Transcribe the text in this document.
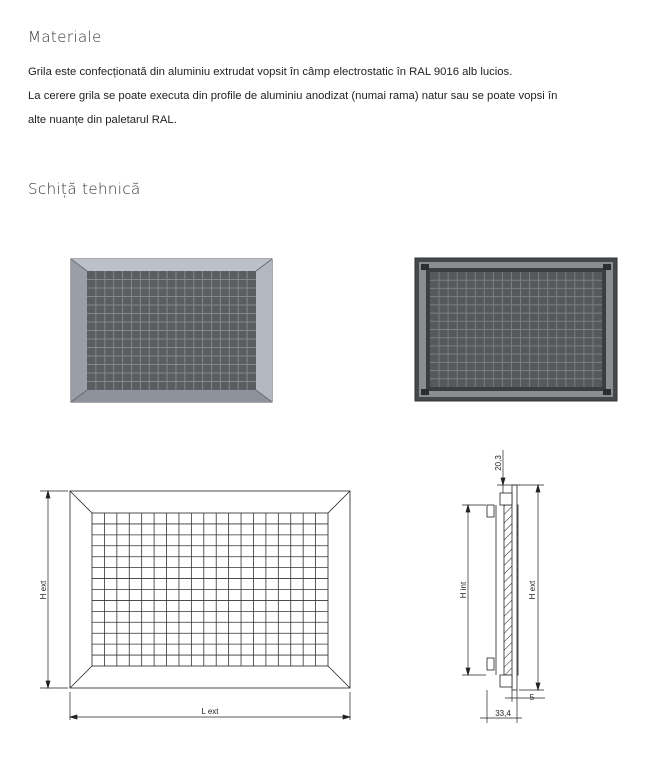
Materiale
Grila este confecționată din aluminiu extrudat vopsit în câmp electrostatic în RAL 9016 alb lucios.
La cerere grila se poate executa din profile de aluminiu anodizat (numai rama) natur sau se poate vopsi în
alte nuanțe din paletarul RAL.
Schiță tehnică
H ext
L ext
20,3
H int	H ext
5
33,4
